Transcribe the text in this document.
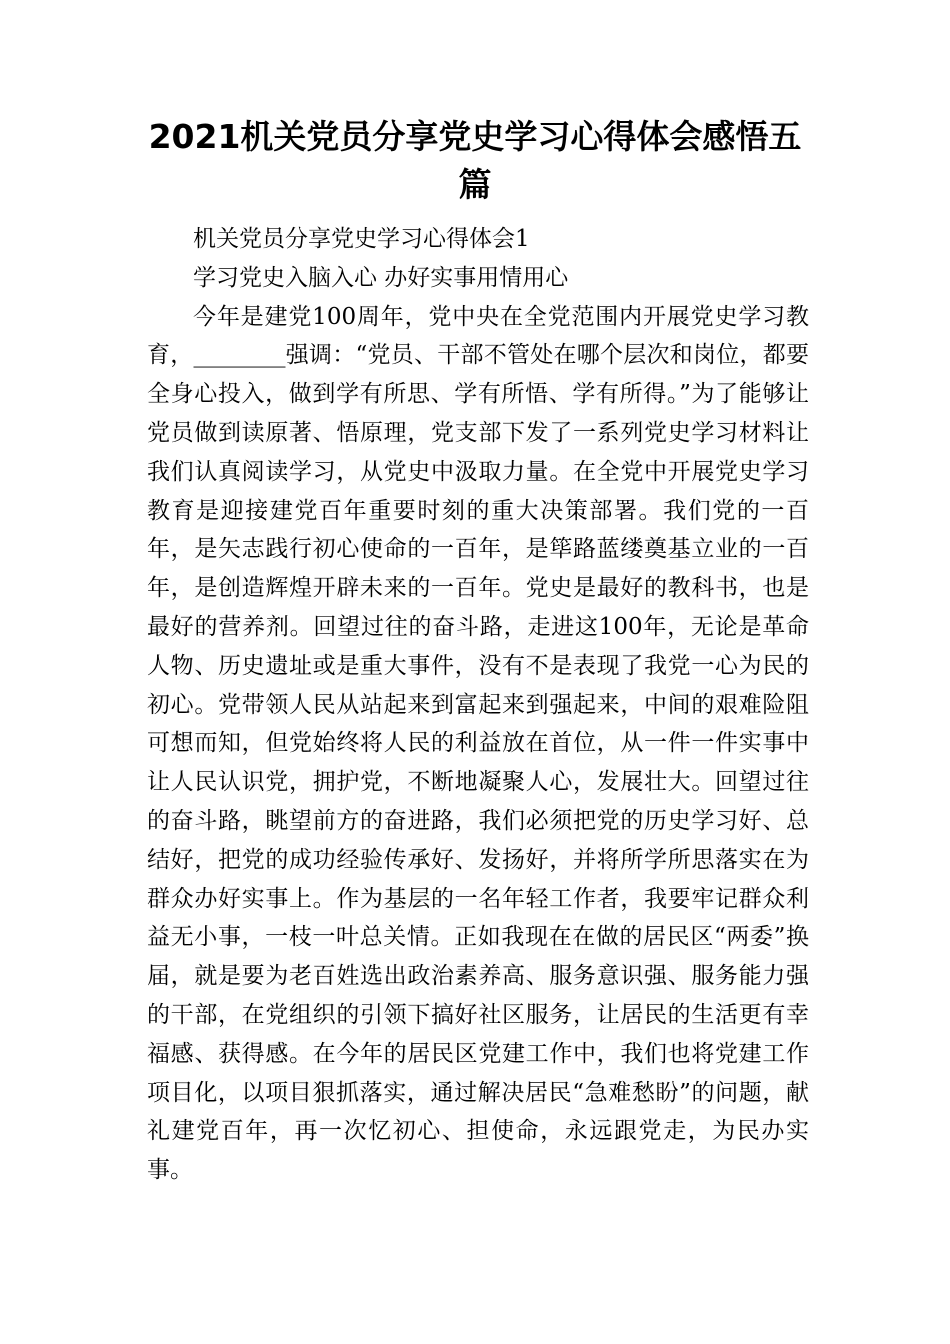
2021机关党员分享党史学习心得体会感悟五篇

机关党员分享党史学习心得体会1

学习党史入脑入心 办好实事用情用心

今年是建党100周年，党中央在全党范围内开展党史学习教育，________强调：“党员、干部不管处在哪个层次和岗位，都要全身心投入，做到学有所思、学有所悟、学有所得。”为了能够让党员做到读原著、悟原理，党支部下发了一系列党史学习材料让我们认真阅读学习，从党史中汲取力量。在全党中开展党史学习教育是迎接建党百年重要时刻的重大决策部署。我们党的一百年，是矢志践行初心使命的一百年，是筚路蓝缕奠基立业的一百年，是创造辉煌开辟未来的一百年。党史是最好的教科书，也是最好的营养剂。回望过往的奋斗路，走进这100年，无论是革命人物、历史遗址或是重大事件，没有不是表现了我党一心为民的初心。党带领人民从站起来到富起来到强起来，中间的艰难险阻可想而知，但党始终将人民的利益放在首位，从一件一件实事中让人民认识党，拥护党，不断地凝聚人心，发展壮大。回望过往的奋斗路，眺望前方的奋进路，我们必须把党的历史学习好、总结好，把党的成功经验传承好、发扬好，并将所学所思落实在为群众办好实事上。作为基层的一名年轻工作者，我要牢记群众利益无小事，一枝一叶总关情。正如我现在在做的居民区“两委”换届，就是要为老百姓选出政治素养高、服务意识强、服务能力强的干部，在党组织的引领下搞好社区服务，让居民的生活更有幸福感、获得感。在今年的居民区党建工作中，我们也将党建工作项目化，以项目狠抓落实，通过解决居民“急难愁盼”的问题，献礼建党百年，再一次忆初心、担使命，永远跟党走，为民办实事。
